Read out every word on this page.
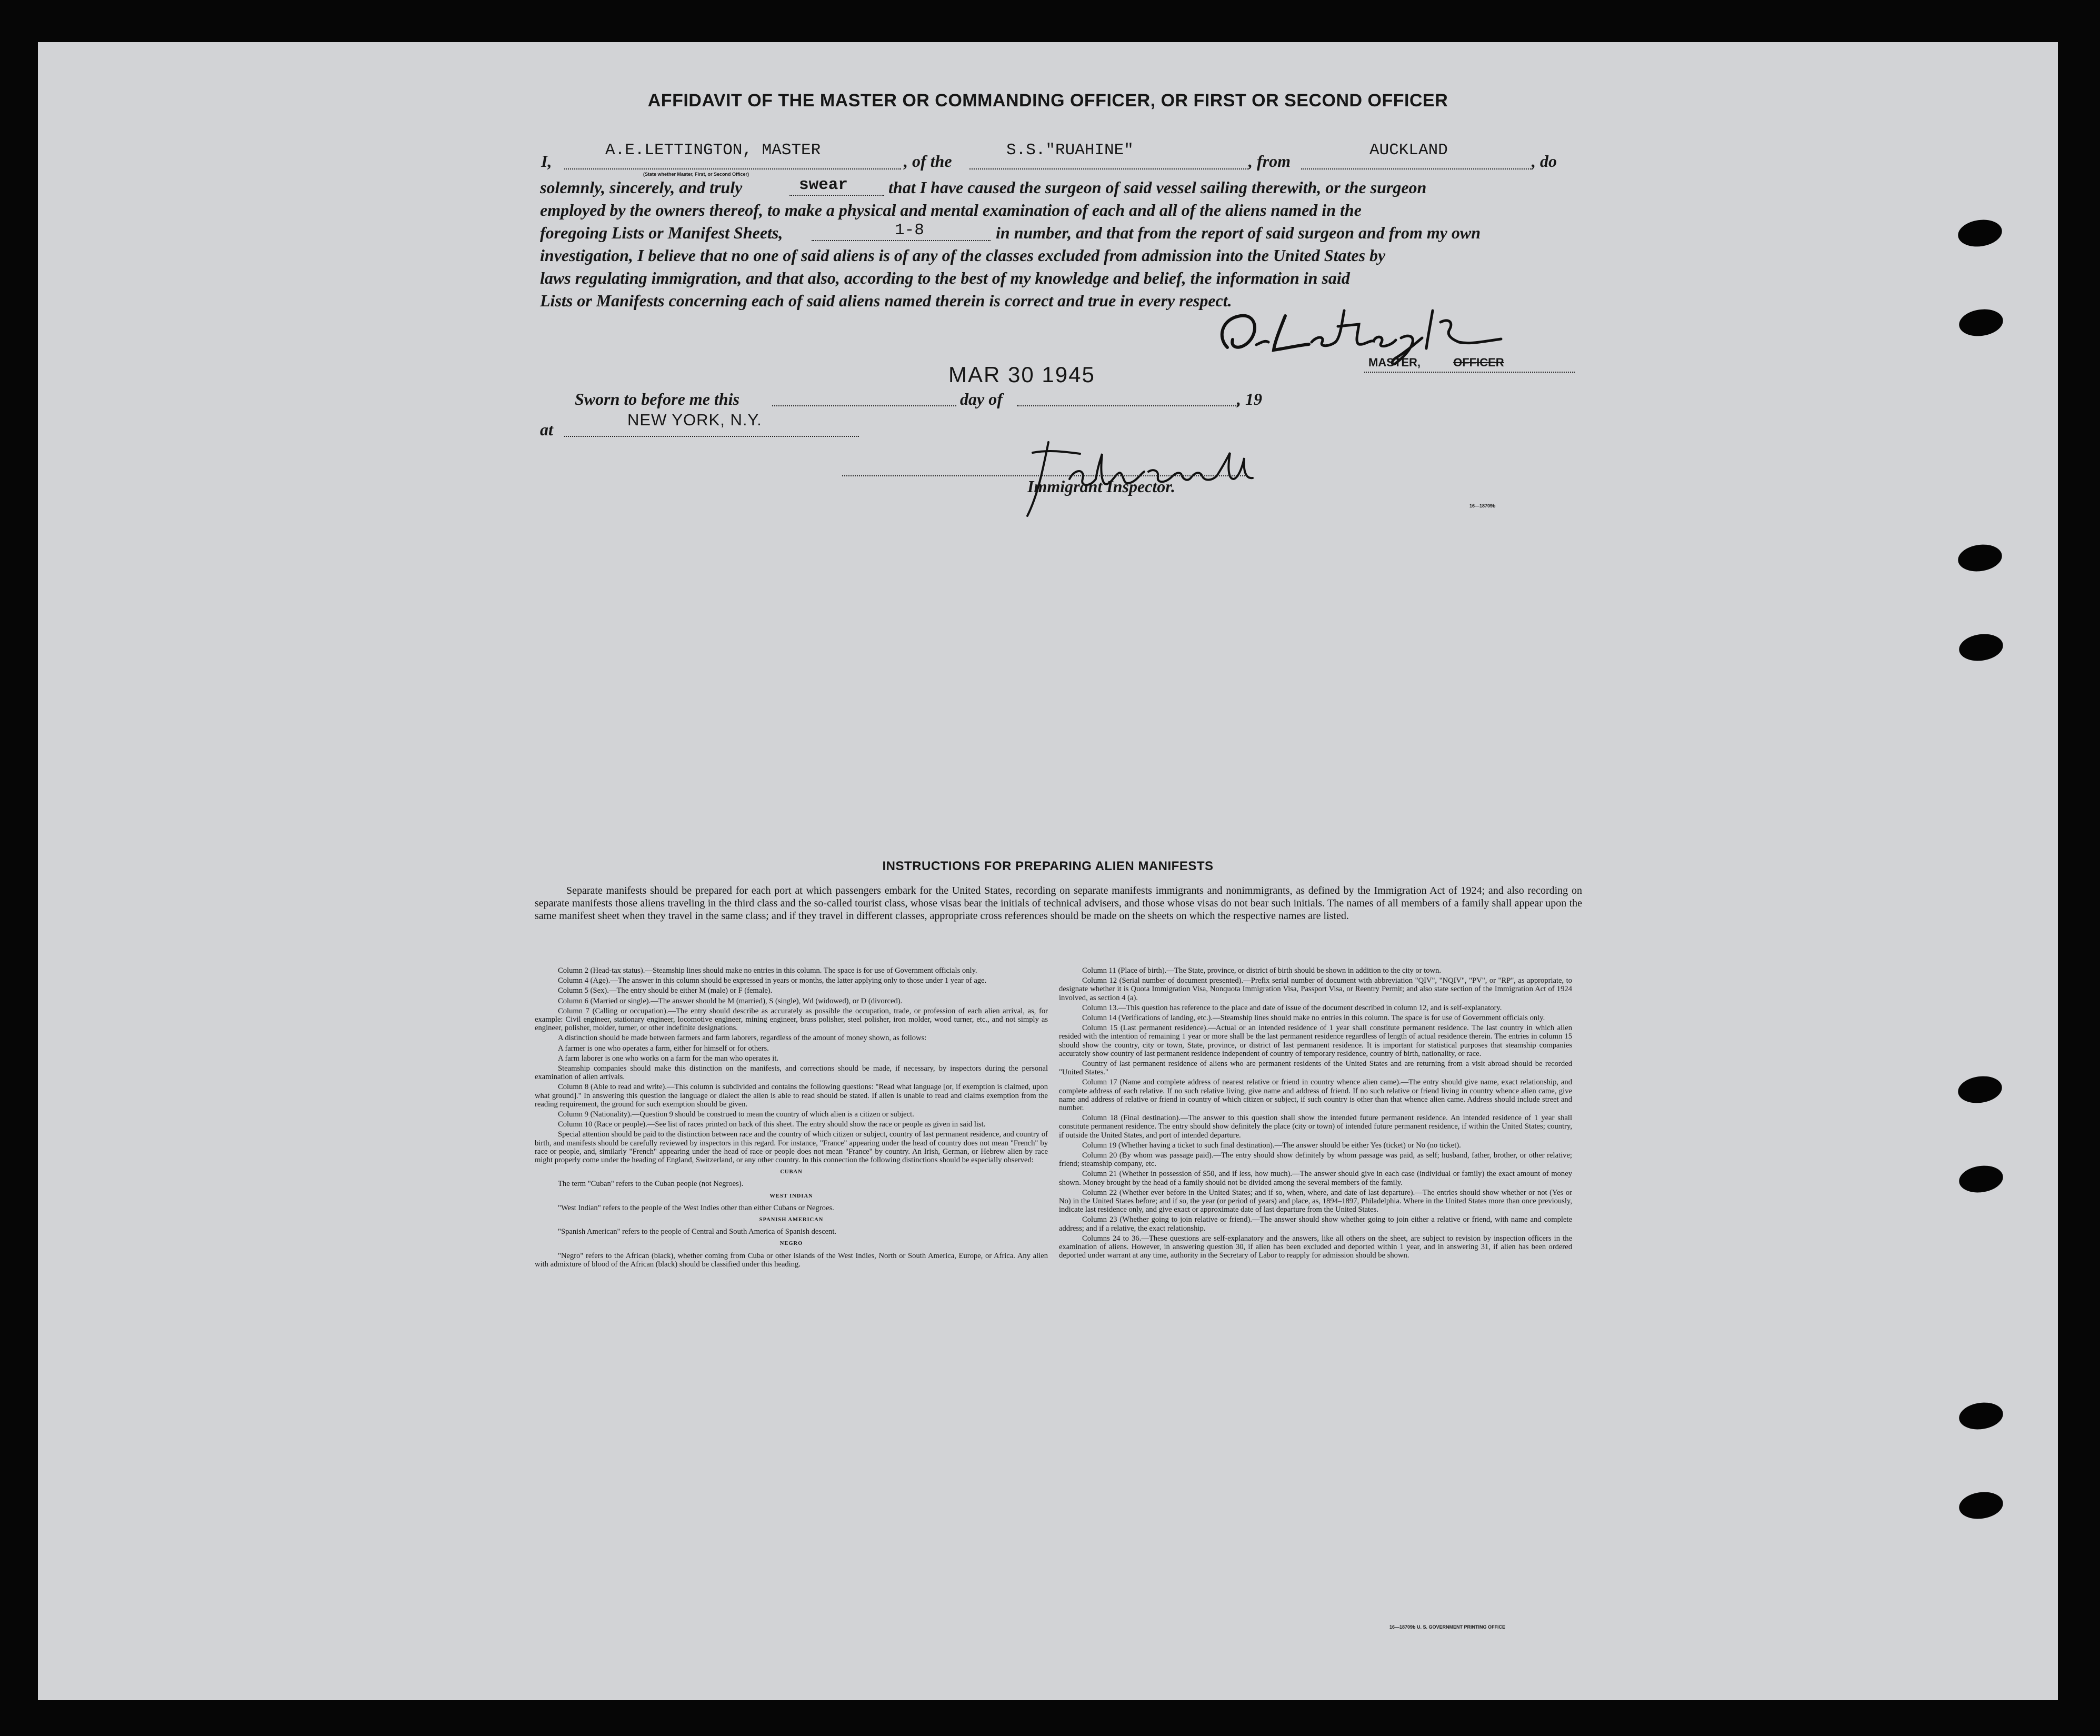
AFFIDAVIT OF THE MASTER OR COMMANDING OFFICER, OR FIRST OR SECOND OFFICER
I,
A.E.LETTINGTON, MASTER
(State whether Master, First, or Second Officer)
, of the
S.S."RUAHINE"
, from
AUCKLAND
, do
solemnly, sincerely, and truly	swear that I have caused the surgeon of said vessel sailing therewith, or the surgeon
employed by the owners thereof, to make a physical and mental examination of each and all of the aliens named in the
foregoing Lists or Manifest Sheets,	1-8	in number, and that from the report of said surgeon and from my own
investigation, I believe that no one of said aliens is of any of the classes excluded from admission into the United States by
laws regulating immigration, and that also, according to the best of my knowledge and belief, the information in said
Lists or Manifests concerning each of said aliens named therein is correct and true in every respect.
MASTER,	OFFICER
MAR 30 1945
Sworn to before me this	day of	, 19
at
NEW YORK, N.Y.
Immigrant Inspector.
16—18709b
INSTRUCTIONS FOR PREPARING ALIEN MANIFESTS
Separate manifests should be prepared for each port at which passengers embark for the United States, recording on separate manifests immigrants and nonimmigrants, as defined by the Immigration Act of 1924; and also recording on separate manifests those aliens traveling in the third class and the so-called tourist class, whose visas bear the initials of technical advisers, and those whose visas do not bear such initials. The names of all members of a family shall appear upon the same manifest sheet when they travel in the same class; and if they travel in different classes, appropriate cross references should be made on the sheets on which the respective names are listed.

Column 2 (Head-tax status).—Steamship lines should make no entries in this column. The space is for use of Government officials only.

Column 4 (Age).—The answer in this column should be expressed in years or months, the latter applying only to those under 1 year of age.

Column 5 (Sex).—The entry should be either M (male) or F (female).

Column 6 (Married or single).—The answer should be M (married), S (single), Wd (widowed), or D (divorced).

Column 7 (Calling or occupation).—The entry should describe as accurately as possible the occupation, trade, or profession of each alien arrival, as, for example: Civil engineer, stationary engineer, locomotive engineer, mining engineer, brass polisher, steel polisher, iron molder, wood turner, etc., and not simply as engineer, polisher, molder, turner, or other indefinite designations.

A distinction should be made between farmers and farm laborers, regardless of the amount of money shown, as follows:

A farmer is one who operates a farm, either for himself or for others.

A farm laborer is one who works on a farm for the man who operates it.

Steamship companies should make this distinction on the manifests, and corrections should be made, if necessary, by inspectors during the personal examination of alien arrivals.

Column 8 (Able to read and write).—This column is subdivided and contains the following questions: "Read what language [or, if exemption is claimed, upon what ground]." In answering this question the language or dialect the alien is able to read should be stated. If alien is unable to read and claims exemption from the reading requirement, the ground for such exemption should be given.

Column 9 (Nationality).—Question 9 should be construed to mean the country of which alien is a citizen or subject.

Column 10 (Race or people).—See list of races printed on back of this sheet. The entry should show the race or people as given in said list.

Special attention should be paid to the distinction between race and the country of which citizen or subject, country of last permanent residence, and country of birth, and manifests should be carefully reviewed by inspectors in this regard. For instance, "France" appearing under the head of country does not mean "French" by race or people, and, similarly "French" appearing under the head of race or people does not mean "France" by country. An Irish, German, or Hebrew alien by race might properly come under the heading of England, Switzerland, or any other country. In this connection the following distinctions should be especially observed:

CUBAN

The term "Cuban" refers to the Cuban people (not Negroes).

WEST INDIAN

"West Indian" refers to the people of the West Indies other than either Cubans or Negroes.

SPANISH AMERICAN

"Spanish American" refers to the people of Central and South America of Spanish descent.

NEGRO

"Negro" refers to the African (black), whether coming from Cuba or other islands of the West Indies, North or South America, Europe, or Africa. Any alien with admixture of blood of the African (black) should be classified under this heading.

Column 11 (Place of birth).—The State, province, or district of birth should be shown in addition to the city or town.

Column 12 (Serial number of document presented).—Prefix serial number of document with abbreviation "QIV", "NQIV", "PV", or "RP", as appropriate, to designate whether it is Quota Immigration Visa, Nonquota Immigration Visa, Passport Visa, or Reentry Permit; and also state section of the Immigration Act of 1924 involved, as section 4 (a).

Column 13.—This question has reference to the place and date of issue of the document described in column 12, and is self-explanatory.

Column 14 (Verifications of landing, etc.).—Steamship lines should make no entries in this column. The space is for use of Government officials only.

Column 15 (Last permanent residence).—Actual or an intended residence of 1 year shall constitute permanent residence. The last country in which alien resided with the intention of remaining 1 year or more shall be the last permanent residence regardless of length of actual residence therein. The entries in column 15 should show the country, city or town, State, province, or district of last permanent residence. It is important for statistical purposes that steamship companies accurately show country of last permanent residence independent of country of temporary residence, country of birth, nationality, or race.

Country of last permanent residence of aliens who are permanent residents of the United States and are returning from a visit abroad should be recorded "United States."

Column 17 (Name and complete address of nearest relative or friend in country whence alien came).—The entry should give name, exact relationship, and complete address of each relative. If no such relative living, give name and address of friend. If no such relative or friend living in country whence alien came, give name and address of relative or friend in country of which citizen or subject, if such country is other than that whence alien came. Address should include street and number.

Column 18 (Final destination).—The answer to this question shall show the intended future permanent residence. An intended residence of 1 year shall constitute permanent residence. The entry should show definitely the place (city or town) of intended future permanent residence, if within the United States; country, if outside the United States, and port of intended departure.

Column 19 (Whether having a ticket to such final destination).—The answer should be either Yes (ticket) or No (no ticket).

Column 20 (By whom was passage paid).—The entry should show definitely by whom passage was paid, as self; husband, father, brother, or other relative; friend; steamship company, etc.

Column 21 (Whether in possession of $50, and if less, how much).—The answer should give in each case (individual or family) the exact amount of money shown. Money brought by the head of a family should not be divided among the several members of the family.

Column 22 (Whether ever before in the United States; and if so, when, where, and date of last departure).—The entries should show whether or not (Yes or No) in the United States before; and if so, the year (or period of years) and place, as, 1894–1897, Philadelphia. Where in the United States more than once previously, indicate last residence only, and give exact or approximate date of last departure from the United States.

Column 23 (Whether going to join relative or friend).—The answer should show whether going to join either a relative or friend, with name and complete address; and if a relative, the exact relationship.

Columns 24 to 36.—These questions are self-explanatory and the answers, like all others on the sheet, are subject to revision by inspection officers in the examination of aliens. However, in answering question 30, if alien has been excluded and deported within 1 year, and in answering 31, if alien has been ordered deported under warrant at any time, authority in the Secretary of Labor to reapply for admission should be shown.

16—18709b U. S. GOVERNMENT PRINTING OFFICE
